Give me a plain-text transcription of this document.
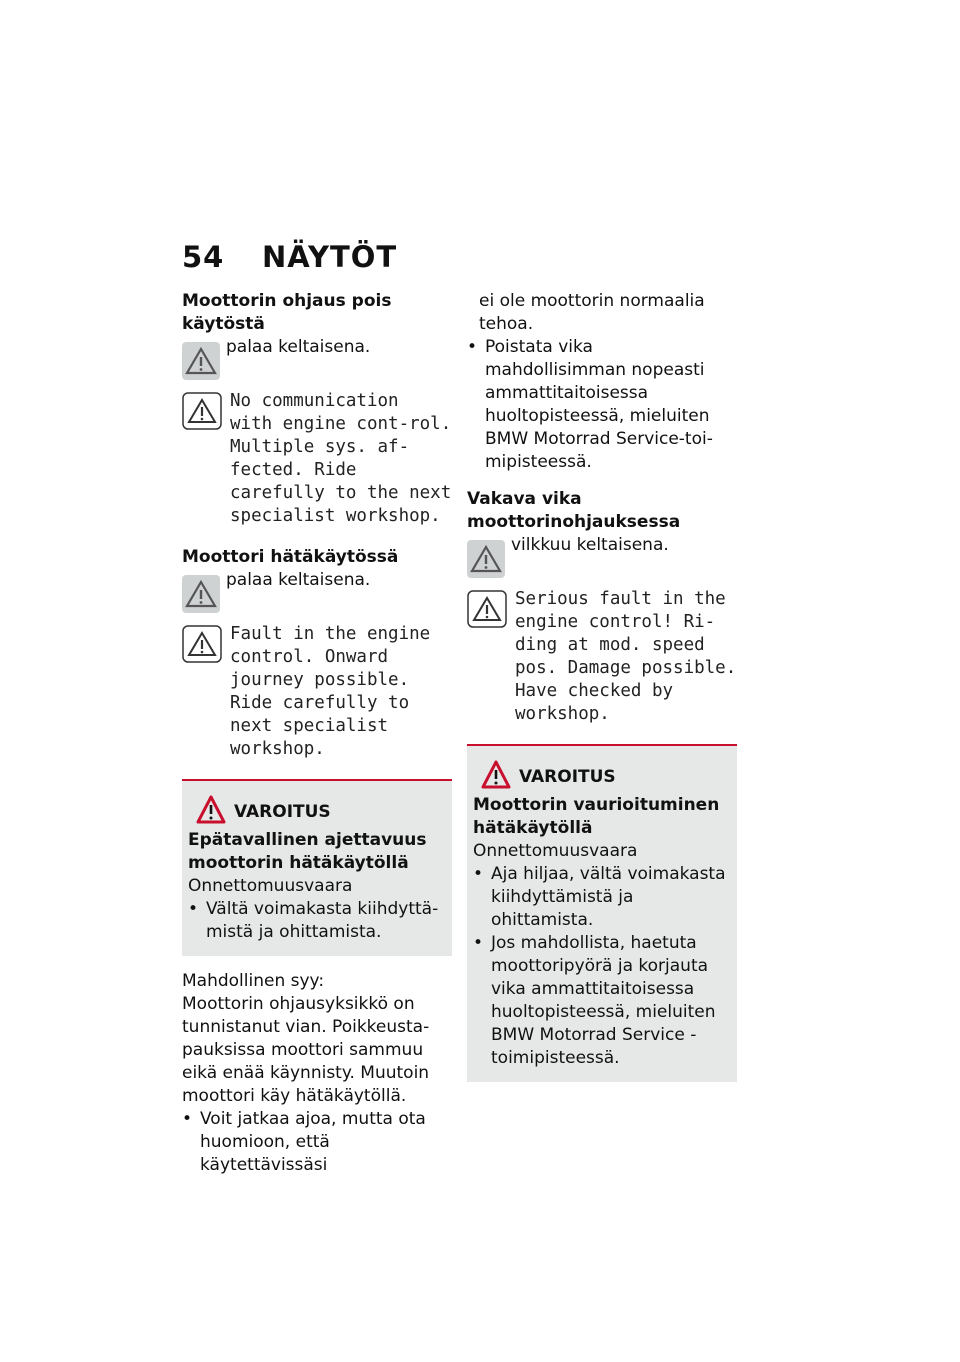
54 NÄYTÖT

Moottorin ohjaus pois käytöstä

palaa keltaisena.

No communication
with engine cont-rol. Multiple sys. af-fected. Ride carefully to the next specialist workshop.

Moottori hätäkäytössä

palaa keltaisena.

Fault in the engine
control. Onward journey possible. Ride carefully to next specialist workshop.
VAROITUS

Epätavallinen ajettavuus moottorin hätäkäytöllä

Onnettomuusvaara

• Vältä voimakasta kiihdyttä-mistä ja ohittamista.

Mahdollinen syy:

Moottorin ohjausyksikkö on tunnistanut vian. Poikkeusta-pauksissa moottori sammuu eikä enää käynnisty. Muutoin moottori käy hätäkäytöllä.

• Voit jatkaa ajoa, mutta ota huomioon, että käytettävissäsi

ei ole moottorin normaalia tehoa.

• Poistata vika mahdollisimman nopeasti ammattitaitoisessa huoltopisteessä, mieluiten BMW Motorrad Service-toi-mipisteessä.

Vakava vika moottorinohjauksessa

vilkkuu keltaisena.

Serious fault in the
engine control! Ri-ding at mod. speed pos. Damage possible. Have checked by workshop.
VAROITUS

Moottorin vaurioituminen hätäkäytöllä

Onnettomuusvaara

• Aja hiljaa, vältä voimakasta kiihdyttämistä ja ohittamista.
• Jos mahdollista, haetuta moottoripyörä ja korjauta vika ammattitaitoisessa huoltopisteessä, mieluiten BMW Motorrad Service -toimipisteessä.
